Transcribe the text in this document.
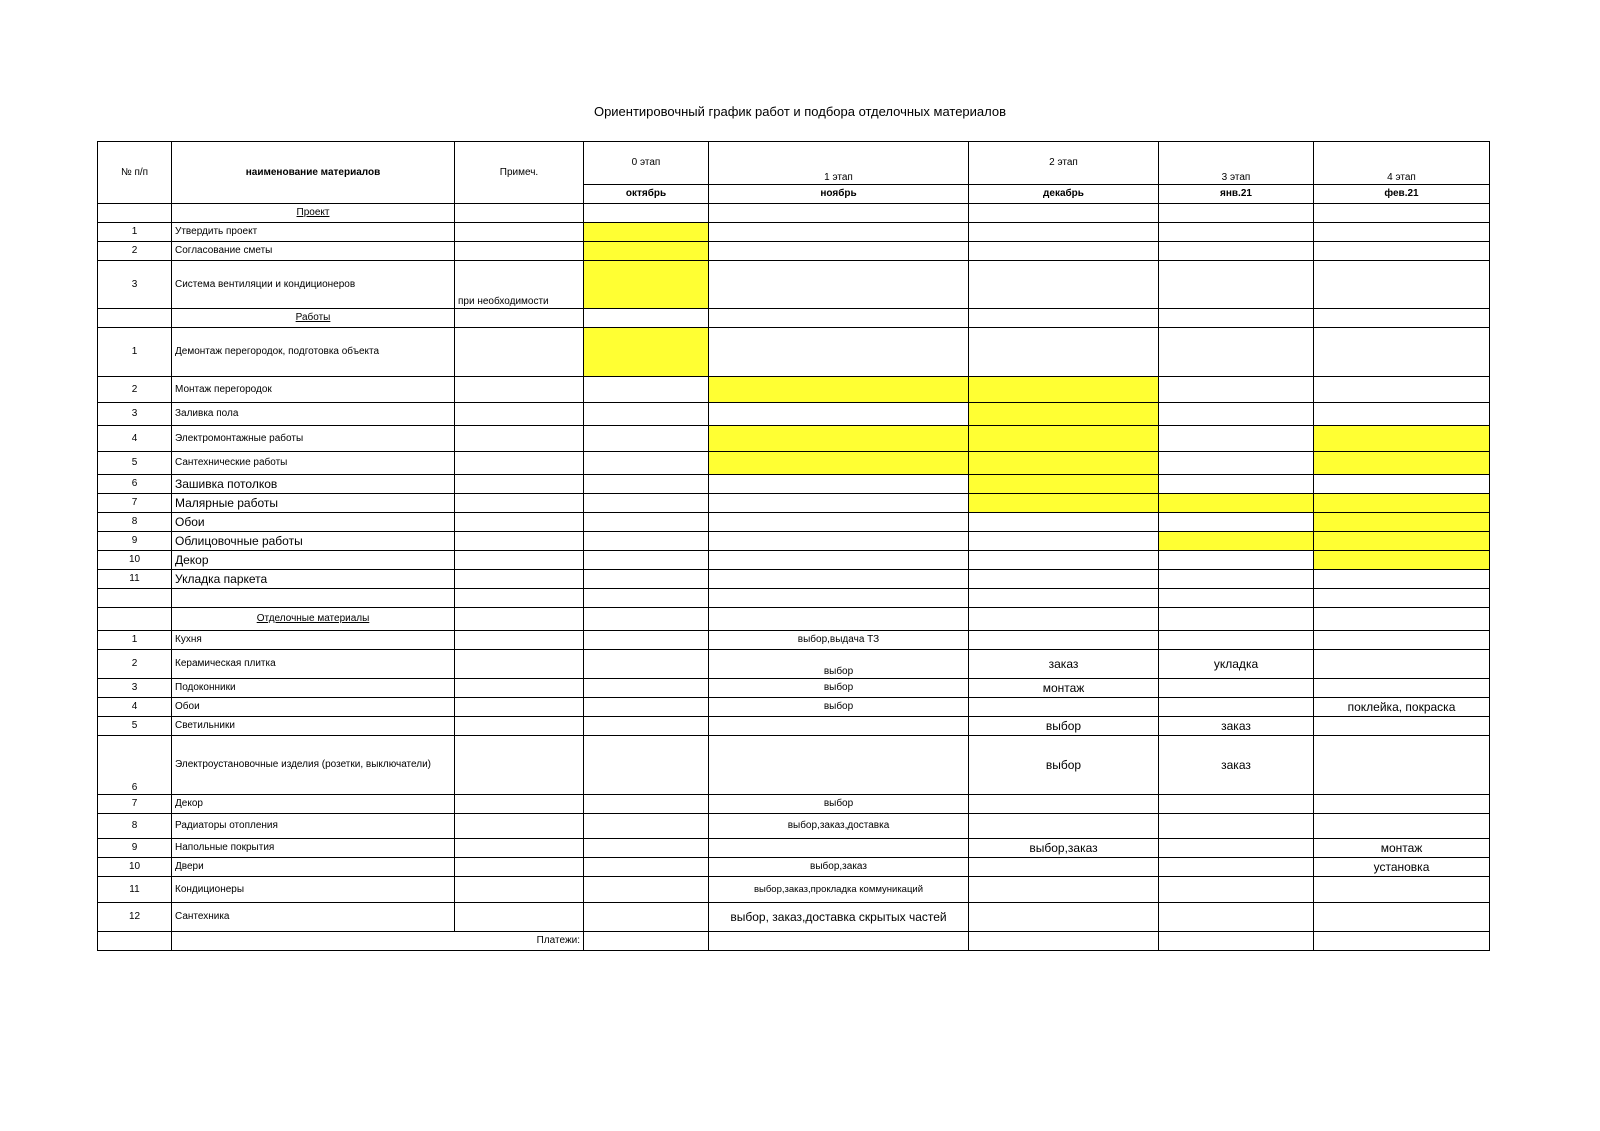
Ориентировочный график работ и подбора отделочных материалов
№ п/п	наименование материалов	Примеч.	0 этап	1 этап	2 этап	3 этап	4 этап
			октябрь	ноябрь	декабрь	янв.21	фев.21
	Проект						
1	Утвердить проект						
2	Согласование сметы						
3	Система вентиляции и кондиционеров	при необходимости					
	Работы						
1	Демонтаж перегородок, подготовка объекта						
2	Монтаж перегородок						
3	Заливка пола						
4	Электромонтажные работы						
5	Сантехнические работы						
6	Зашивка потолков						
7	Малярные работы						
8	Обои						
9	Облицовочные работы						
10	Декор						
11	Укладка паркета						

	Отделочные материалы						
1	Кухня			выбор,выдача ТЗ			
2	Керамическая плитка			выбор	заказ	укладка	
3	Подоконники			выбор	монтаж		
4	Обои			выбор			поклейка, покраска
5	Светильники				выбор	заказ	
6	Электроустановочные изделия (розетки, выключатели)				выбор	заказ	
7	Декор			выбор			
8	Радиаторы отопления			выбор,заказ,доставка			
9	Напольные покрытия				выбор,заказ		монтаж
10	Двери			выбор,заказ			установка
11	Кондиционеры			выбор,заказ,прокладка коммуникаций			
12	Сантехника			выбор, заказ,доставка скрытых частей			
	Платежи:						
